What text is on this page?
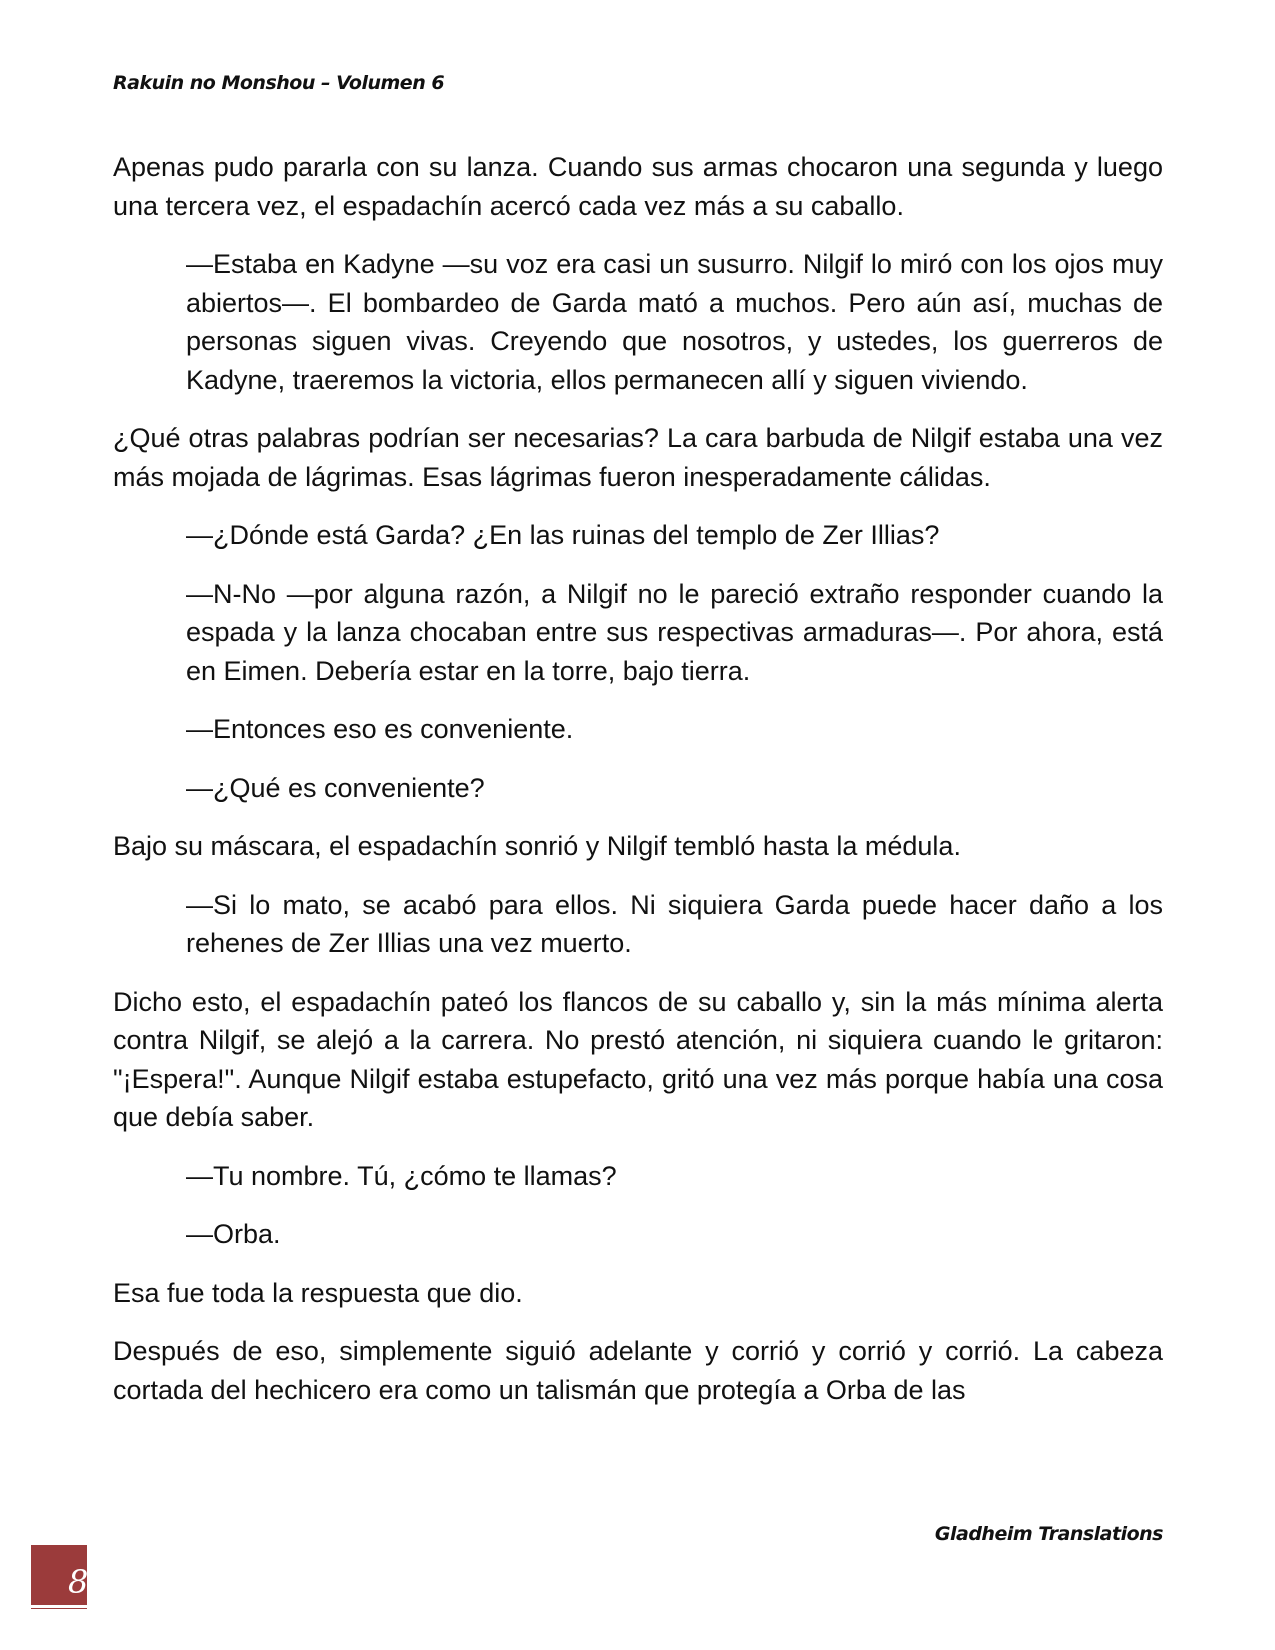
Rakuin no Monshou – Volumen 6

Apenas pudo pararla con su lanza. Cuando sus armas chocaron una segunda y luego una tercera vez, el espadachín acercó cada vez más a su caballo.

—Estaba en Kadyne —su voz era casi un susurro. Nilgif lo miró con los ojos muy abiertos—. El bombardeo de Garda mató a muchos. Pero aún así, muchas de personas siguen vivas. Creyendo que nosotros, y ustedes, los guerreros de Kadyne, traeremos la victoria, ellos permanecen allí y siguen viviendo.

¿Qué otras palabras podrían ser necesarias? La cara barbuda de Nilgif estaba una vez más mojada de lágrimas. Esas lágrimas fueron inesperadamente cálidas.

—¿Dónde está Garda? ¿En las ruinas del templo de Zer Illias?

—N-No —por alguna razón, a Nilgif no le pareció extraño responder cuando la espada y la lanza chocaban entre sus respectivas armaduras—. Por ahora, está en Eimen. Debería estar en la torre, bajo tierra.

—Entonces eso es conveniente.

—¿Qué es conveniente?

Bajo su máscara, el espadachín sonrió y Nilgif tembló hasta la médula.

—Si lo mato, se acabó para ellos. Ni siquiera Garda puede hacer daño a los rehenes de Zer Illias una vez muerto.

Dicho esto, el espadachín pateó los flancos de su caballo y, sin la más mínima alerta contra Nilgif, se alejó a la carrera. No prestó atención, ni siquiera cuando le gritaron: "¡Espera!". Aunque Nilgif estaba estupefacto, gritó una vez más porque había una cosa que debía saber.

—Tu nombre. Tú, ¿cómo te llamas?

—Orba.

Esa fue toda la respuesta que dio.

Después de eso, simplemente siguió adelante y corrió y corrió y corrió. La cabeza cortada del hechicero era como un talismán que protegía a Orba de las

Gladheim Translations
8
